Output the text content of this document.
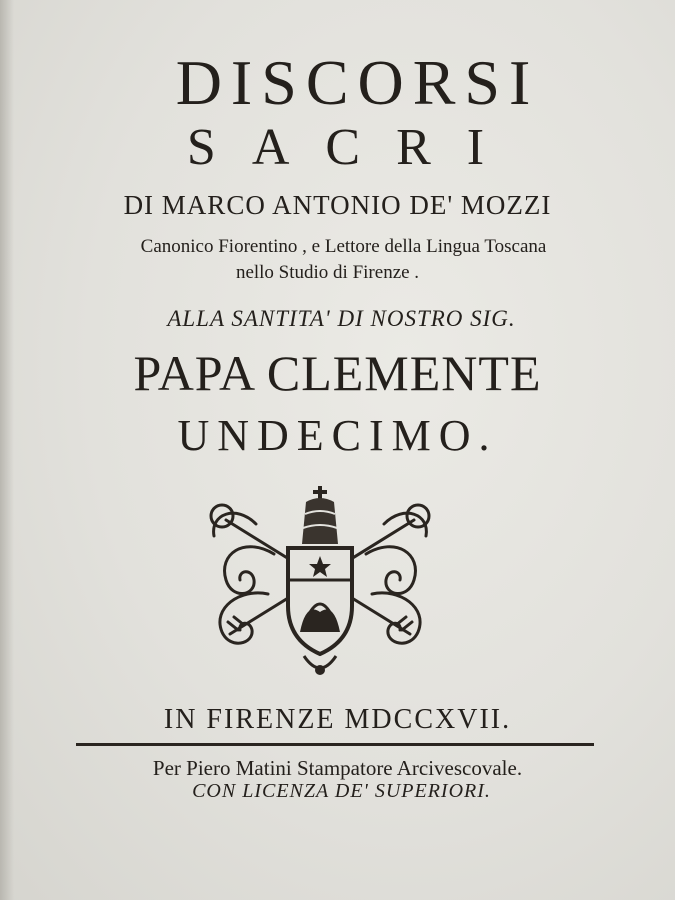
DISCORSI
SACRI
DI MARCO ANTONIO DE' MOZZI
Canonico Fiorentino , e Lettore della Lingua Toscana
nello Studio di Firenze .
ALLA SANTITA' DI NOSTRO SIG.
PAPA CLEMENTE
UNDECIMO.
IN FIRENZE MDCCXVII.
Per Piero Matini Stampatore Arcivescovale.
CON LICENZA DE' SUPERIORI.
